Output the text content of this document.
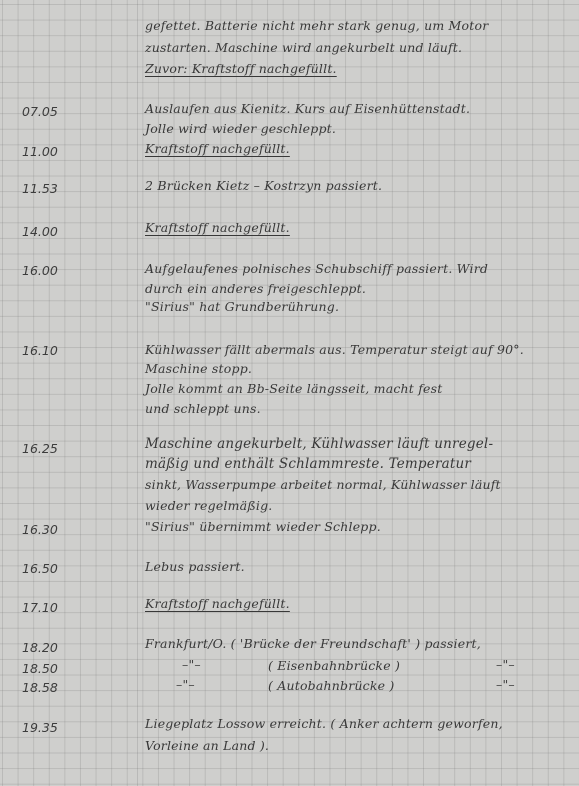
gefettet. Batterie nicht mehr stark genug, um Motor
zustarten. Maschine wird angekurbelt und läuft.
Zuvor: Kraftstoff nachgefüllt.
07.05	Auslaufen aus Kienitz. Kurs auf Eisenhüttenstadt.
Jolle wird wieder geschleppt.
11.00	Kraftstoff nachgefüllt.
11.53	2 Brücken Kietz – Kostrzyn passiert.
14.00	Kraftstoff nachgefüllt.
16.00	Aufgelaufenes polnisches Schubschiff passiert. Wird
durch ein anderes freigeschleppt.
"Sirius" hat Grundberührung.
16.10	Kühlwasser fällt abermals aus. Temperatur steigt auf 90°.
Maschine stopp.
Jolle kommt an Bb-Seite längsseit, macht fest
und schleppt uns.
16.25	Maschine angekurbelt, Kühlwasser läuft unregel-
mäßig und enthält Schlammreste. Temperatur
sinkt, Wasserpumpe arbeitet normal, Kühlwasser läuft
wieder regelmäßig.
16.30	"Sirius" übernimmt wieder Schlepp.
16.50	Lebus passiert.
17.10	Kraftstoff nachgefüllt.
18.20	Frankfurt/O. ( 'Brücke der Freundschaft' ) passiert,
18.50	–"–	( Eisenbahnbrücke )	–"–
18.58	–"–	( Autobahnbrücke )	–"–
19.35	Liegeplatz Lossow erreicht. ( Anker achtern geworfen,
Vorleine an Land ).
